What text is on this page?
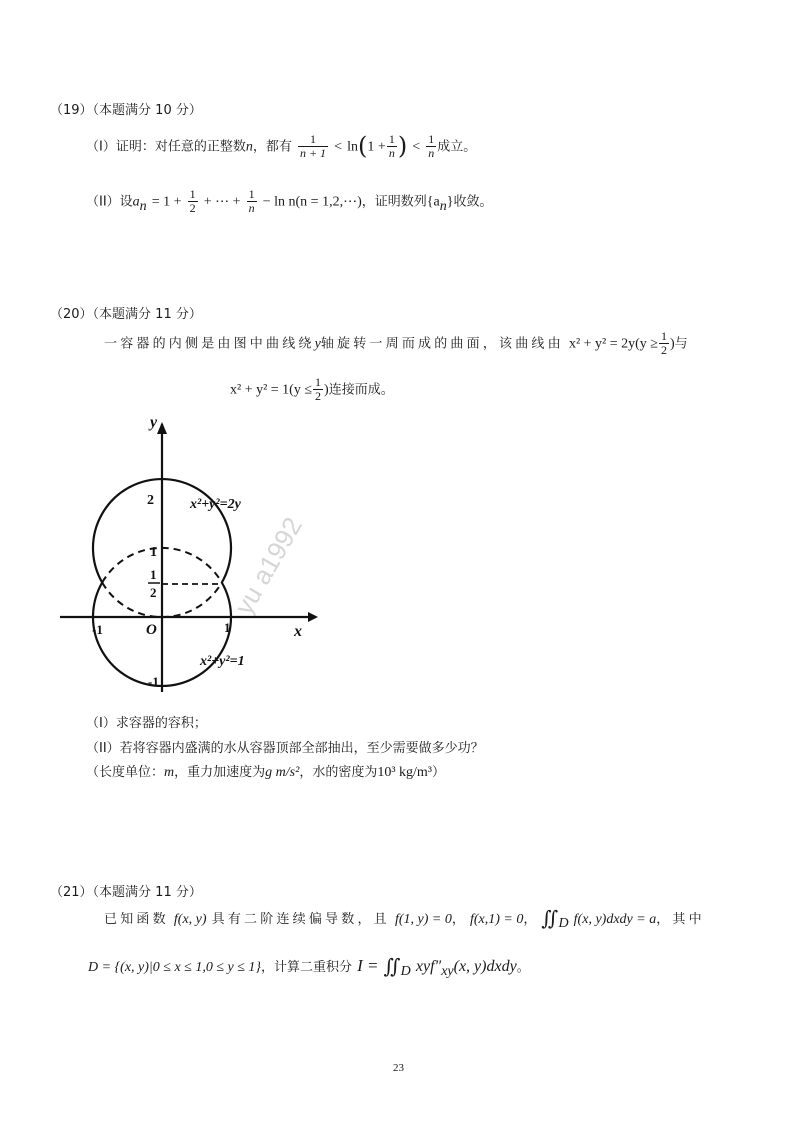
（19）（本题满分 10 分）
（I）证明：对任意的正整数n，都有 $\frac{1}{n + 1} < \ln(1 + \frac{1}{n}$ ) < $\frac{1}{n}$ 成立。
（II）设$a_n = 1 + \frac{1}{2}$ + ⋯ + $\frac{1}{n} - \ln n(n$ = 1,2,⋯)，证明数列$\{a_n\}$收敛。
（20）（本题满分 11 分）
一容器的内侧是由图中曲线绕y轴旋转一周而成的曲面，该曲线由 $x^2 + y^2 = 2y(y \ge \frac{1}{2}$ )与
$x^2 + y^2 = 1(y \le \frac{1}{2}$ )连接而成。
yu a1992
y
x
2
1
1
2
O
-1	1
-1
x²+y²=2y
x²+y²=1
（I）求容器的容积；
（II）若将容器内盛满的水从容器顶部全部抽出，至少需要做多少功？
（长度单位：m，重力加速度为g m/s²，水的密度为10³ kg/m³）
（21）（本题满分 11 分）
已知函数 f(x, y) 具有二阶连续偏导数，且 f(1, y) = 0， f(x,1) = 0， $∬_D$ f(x, y)dxdy = a，其中
D = {(x, y)|0 ≤ x ≤ 1,0 ≤ y ≤ 1}，计算二重积分 $I = ∬_D$ $xyf''_{xy}(x$, y)dxdy。
23
